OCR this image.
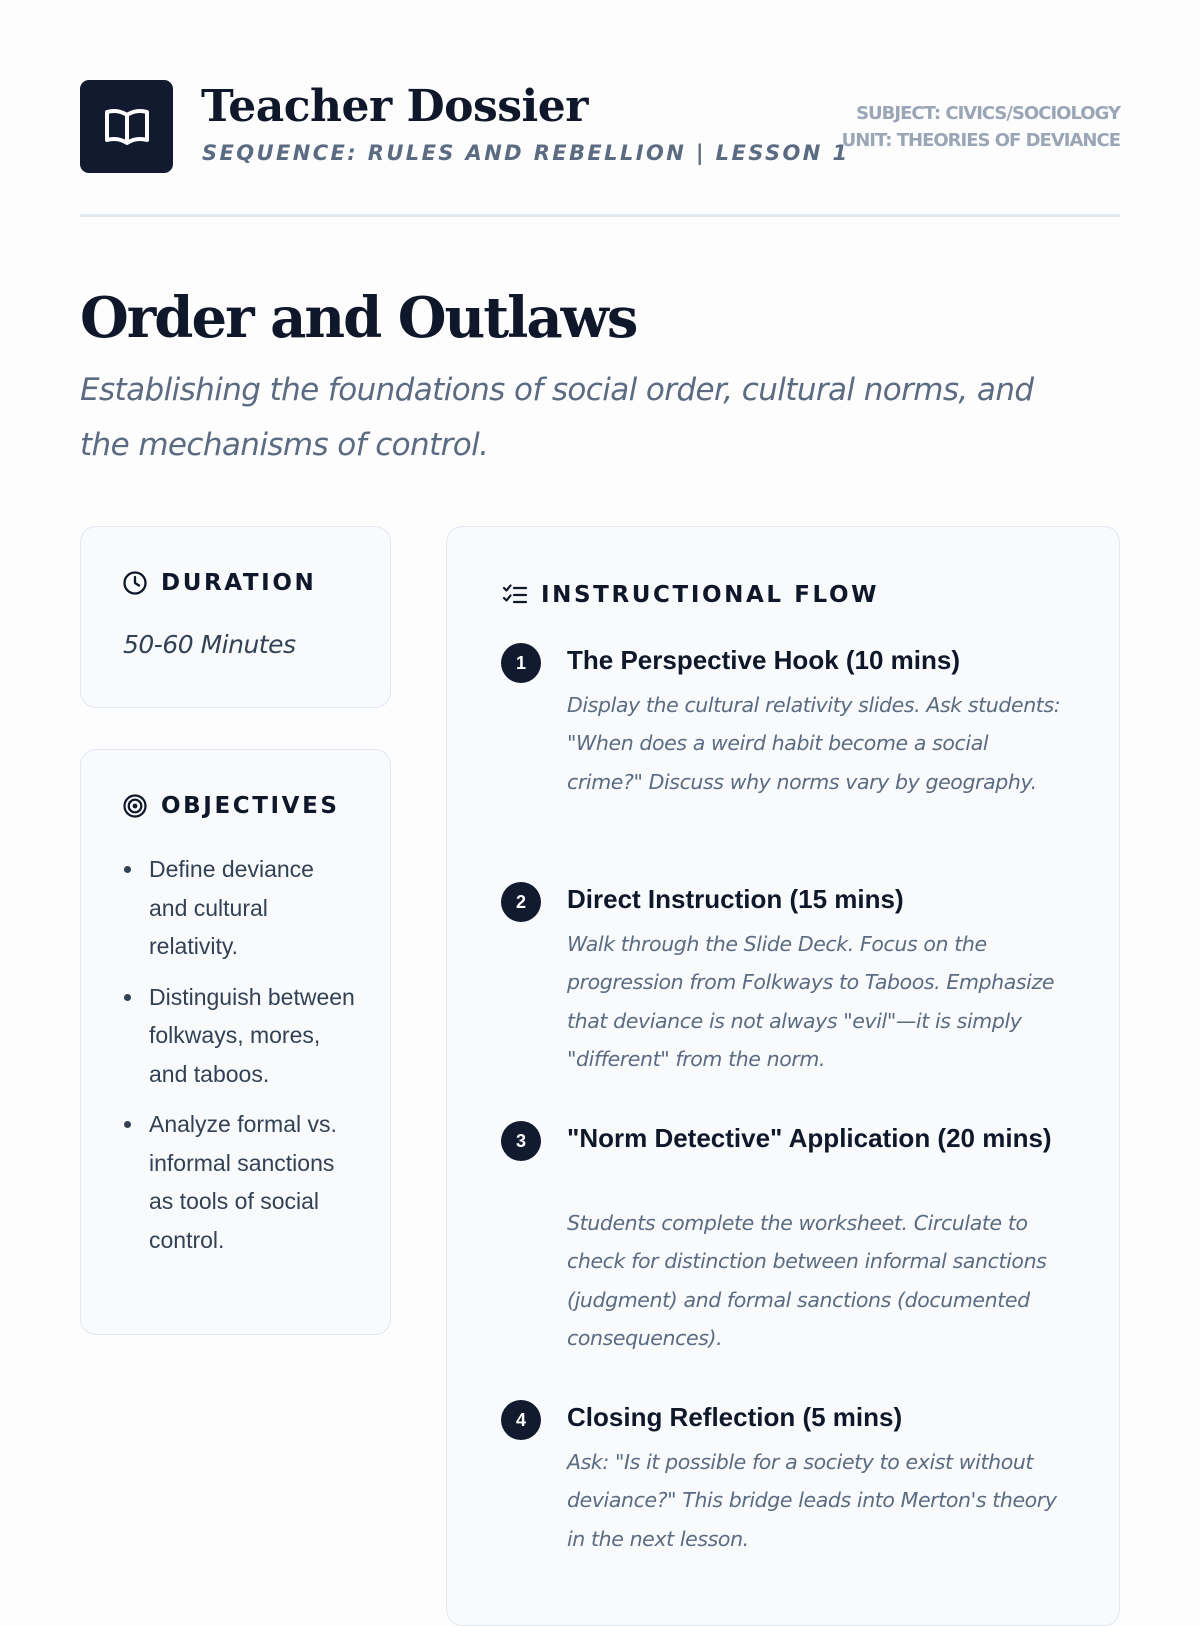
Teacher Dossier
SEQUENCE: RULES AND REBELLION | LESSON 1
SUBJECT: CIVICS/SOCIOLOGY
UNIT: THEORIES OF DEVIANCE
Order and Outlaws
Establishing the foundations of social order, cultural norms, and the mechanisms of control.
DURATION
50-60 Minutes
OBJECTIVES
Define deviance and cultural relativity.
Distinguish between folkways, mores, and taboos.
Analyze formal vs. informal sanctions as tools of social control.
INSTRUCTIONAL FLOW
1	The Perspective Hook (10 mins)
Display the cultural relativity slides. Ask students: "When does a weird habit become a social crime?" Discuss why norms vary by geography.
2	Direct Instruction (15 mins)
Walk through the Slide Deck. Focus on the progression from Folkways to Taboos. Emphasize that deviance is not always "evil"—it is simply "different" from the norm.
3	"Norm Detective" Application (20 mins)
Students complete the worksheet. Circulate to check for distinction between informal sanctions (judgment) and formal sanctions (documented consequences).
4	Closing Reflection (5 mins)
Ask: "Is it possible for a society to exist without deviance?" This bridge leads into Merton's theory in the next lesson.
